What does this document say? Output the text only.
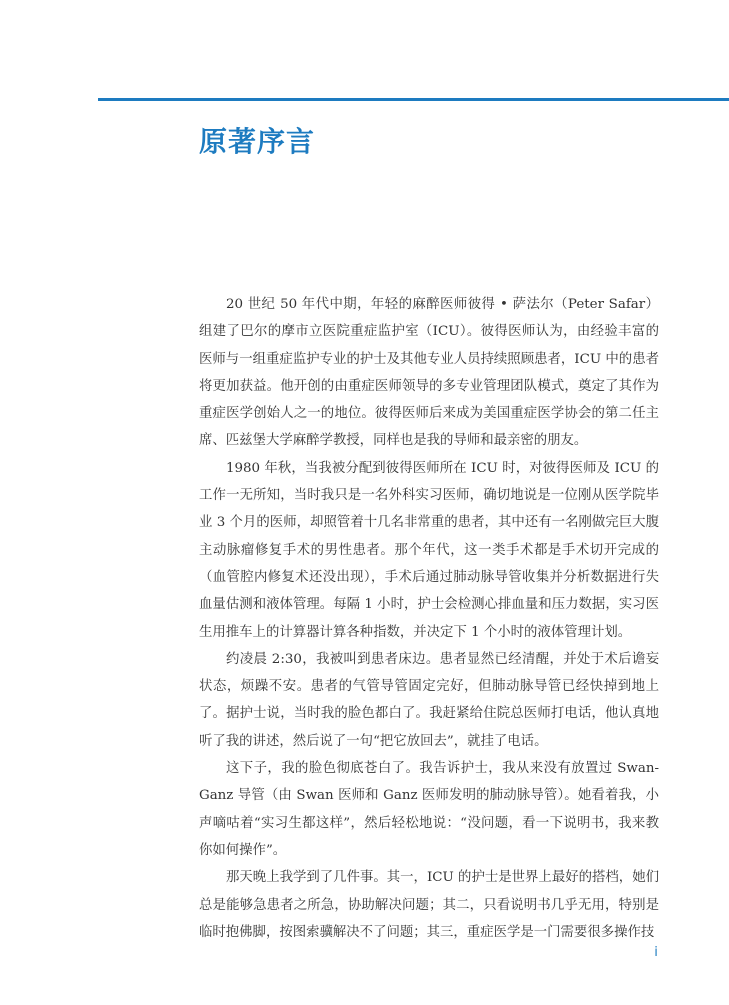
原著序言

20 世纪 50 年代中期，年轻的麻醉医师彼得 • 萨法尔（Peter Safar）组建了巴尔的摩市立医院重症监护室（ICU）。彼得医师认为，由经验丰富的医师与一组重症监护专业的护士及其他专业人员持续照顾患者，ICU 中的患者将更加获益。他开创的由重症医师领导的多专业管理团队模式，奠定了其作为重症医学创始人之一的地位。彼得医师后来成为美国重症医学协会的第二任主席、匹兹堡大学麻醉学教授，同样也是我的导师和最亲密的朋友。

1980 年秋，当我被分配到彼得医师所在 ICU 时，对彼得医师及 ICU 的工作一无所知，当时我只是一名外科实习医师，确切地说是一位刚从医学院毕业 3 个月的医师，却照管着十几名非常重的患者，其中还有一名刚做完巨大腹主动脉瘤修复手术的男性患者。那个年代，这一类手术都是手术切开完成的（血管腔内修复术还没出现），手术后通过肺动脉导管收集并分析数据进行失血量估测和液体管理。每隔 1 小时，护士会检测心排血量和压力数据，实习医生用推车上的计算器计算各种指数，并决定下 1 个小时的液体管理计划。

约凌晨 2:30，我被叫到患者床边。患者显然已经清醒，并处于术后谵妄状态，烦躁不安。患者的气管导管固定完好，但肺动脉导管已经快掉到地上了。据护士说，当时我的脸色都白了。我赶紧给住院总医师打电话，他认真地听了我的讲述，然后说了一句“把它放回去”，就挂了电话。

这下子，我的脸色彻底苍白了。我告诉护士，我从来没有放置过 Swan-Ganz 导管（由 Swan 医师和 Ganz 医师发明的肺动脉导管）。她看着我，小声嘀咕着“实习生都这样”，然后轻松地说：“没问题，看一下说明书，我来教你如何操作”。

那天晚上我学到了几件事。其一，ICU 的护士是世界上最好的搭档，她们总是能够急患者之所急，协助解决问题；其二，只看说明书几乎无用，特别是临时抱佛脚，按图索骥解决不了问题；其三，重症医学是一门需要很多操作技

i
